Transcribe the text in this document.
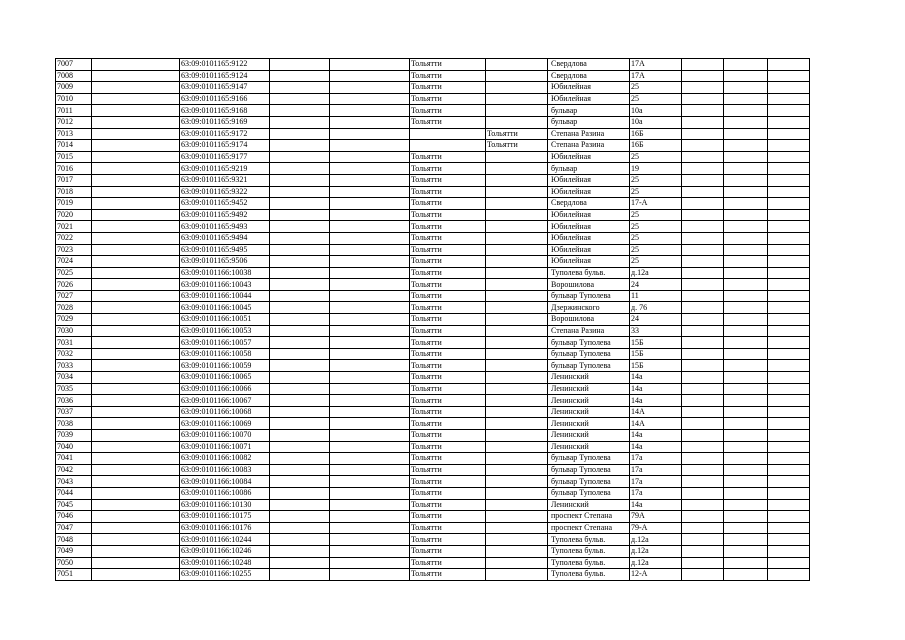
7007		63:09:0101165:9122			Тольятти		Свердлова	17А			
7008		63:09:0101165:9124			Тольятти		Свердлова	17А			
7009		63:09:0101165:9147			Тольятти		Юбилейная	25			
7010		63:09:0101165:9166			Тольятти		Юбилейная	25			
7011		63:09:0101165:9168			Тольятти		бульвар	10а			
7012		63:09:0101165:9169			Тольятти		бульвар	10а			
7013		63:09:0101165:9172				Тольятти	Степана Разина	16Б			
7014		63:09:0101165:9174				Тольятти	Степана Разина	16Б			
7015		63:09:0101165:9177			Тольятти		Юбилейная	25			
7016		63:09:0101165:9219			Тольятти		бульвар	19			
7017		63:09:0101165:9321			Тольятти		Юбилейная	25			
7018		63:09:0101165:9322			Тольятти		Юбилейная	25			
7019		63:09:0101165:9452			Тольятти		Свердлова	17-А			
7020		63:09:0101165:9492			Тольятти		Юбилейная	25			
7021		63:09:0101165:9493			Тольятти		Юбилейная	25			
7022		63:09:0101165:9494			Тольятти		Юбилейная	25			
7023		63:09:0101165:9495			Тольятти		Юбилейная	25			
7024		63:09:0101165:9506			Тольятти		Юбилейная	25			
7025		63:09:0101166:10038			Тольятти		Туполева бульв.	д.12а			
7026		63:09:0101166:10043			Тольятти		Ворошилова	24			
7027		63:09:0101166:10044			Тольятти		бульвар Туполева	11			
7028		63:09:0101166:10045			Тольятти		Дзержинского	д. 76			
7029		63:09:0101166:10051			Тольятти		Ворошилова	24			
7030		63:09:0101166:10053			Тольятти		Степана Разина	33			
7031		63:09:0101166:10057			Тольятти		бульвар Туполева	15Б			
7032		63:09:0101166:10058			Тольятти		бульвар Туполева	15Б			
7033		63:09:0101166:10059			Тольятти		бульвар Туполева	15Б			
7034		63:09:0101166:10065			Тольятти		Ленинский	14а			
7035		63:09:0101166:10066			Тольятти		Ленинский	14а			
7036		63:09:0101166:10067			Тольятти		Ленинский	14а			
7037		63:09:0101166:10068			Тольятти		Ленинский	14А			
7038		63:09:0101166:10069			Тольятти		Ленинский	14А			
7039		63:09:0101166:10070			Тольятти		Ленинский	14а			
7040		63:09:0101166:10071			Тольятти		Ленинский	14а			
7041		63:09:0101166:10082			Тольятти		бульвар Туполева	17а			
7042		63:09:0101166:10083			Тольятти		бульвар Туполева	17а			
7043		63:09:0101166:10084			Тольятти		бульвар Туполева	17а			
7044		63:09:0101166:10086			Тольятти		бульвар Туполева	17а			
7045		63:09:0101166:10130			Тольятти		Ленинский	14а			
7046		63:09:0101166:10175			Тольятти		проспект Степана	79А			
7047		63:09:0101166:10176			Тольятти		проспект Степана	79-А			
7048		63:09:0101166:10244			Тольятти		Туполева бульв.	д.12а			
7049		63:09:0101166:10246			Тольятти		Туполева бульв.	д.12а			
7050		63:09:0101166:10248			Тольятти		Туполева бульв.	д.12а			
7051		63:09:0101166:10255			Тольятти		Туполева бульв.	12-А			
